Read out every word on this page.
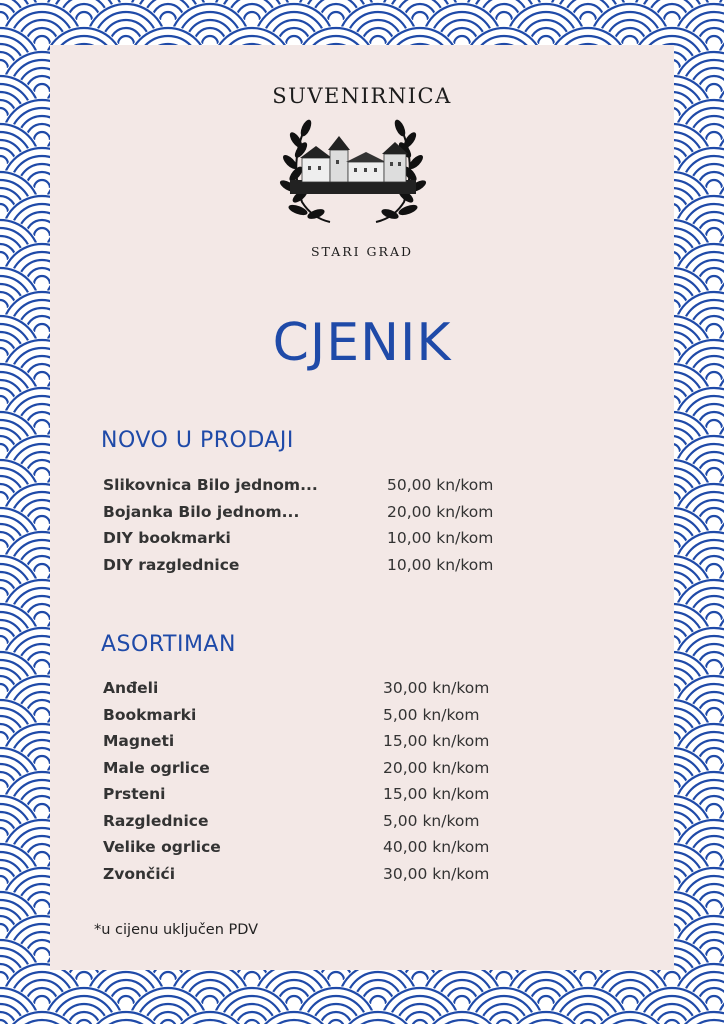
SUVENIRNICA
STARI GRAD
CJENIK
NOVO U PRODAJI
Slikovnica Bilo jednom...	50,00 kn/kom
Bojanka Bilo jednom...	20,00 kn/kom
DIY bookmarki	10,00 kn/kom
DIY razglednice	10,00 kn/kom
ASORTIMAN
Anđeli	30,00 kn/kom
Bookmarki	5,00 kn/kom
Magneti	15,00 kn/kom
Male ogrlice	20,00 kn/kom
Prsteni	15,00 kn/kom
Razglednice	5,00 kn/kom
Velike ogrlice	40,00 kn/kom
Zvončići	30,00 kn/kom
*u cijenu uključen PDV
